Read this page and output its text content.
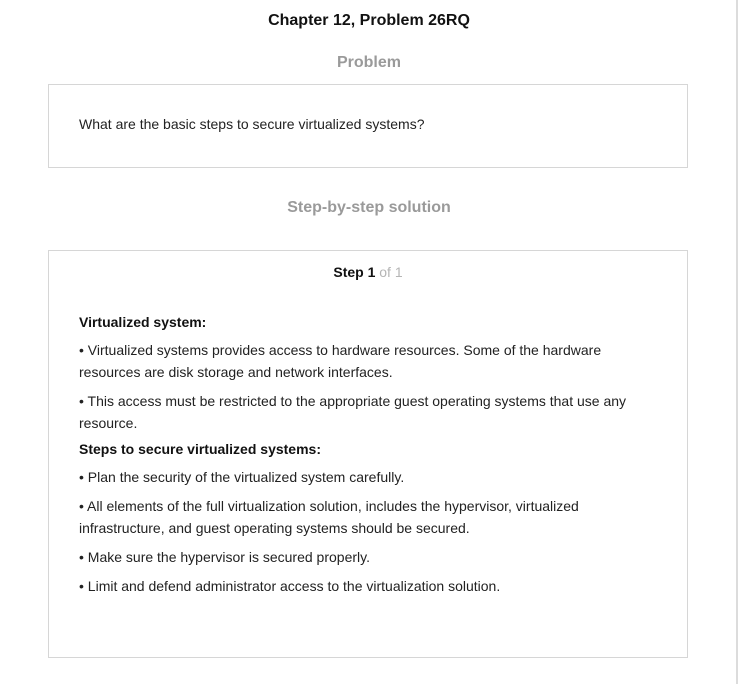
Chapter 12, Problem 26RQ
Problem
What are the basic steps to secure virtualized systems?
Step-by-step solution
Step 1 of 1
Virtualized system:
• Virtualized systems provides access to hardware resources. Some of the hardware resources are disk storage and network interfaces.
• This access must be restricted to the appropriate guest operating systems that use any resource.
Steps to secure virtualized systems:
• Plan the security of the virtualized system carefully.
• All elements of the full virtualization solution, includes the hypervisor, virtualized infrastructure, and guest operating systems should be secured.
• Make sure the hypervisor is secured properly.
• Limit and defend administrator access to the virtualization solution.
